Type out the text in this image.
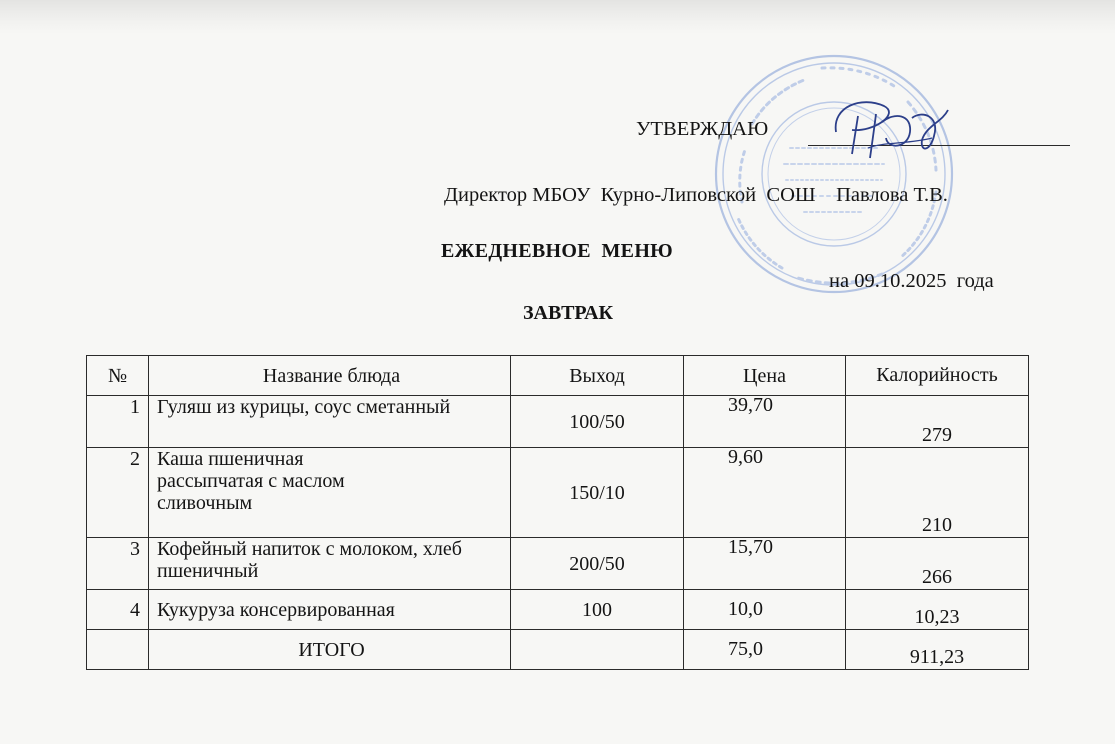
УТВЕРЖДАЮ
Директор МБОУ  Курно-Липовской  СОШ    Павлова Т.В.
ЕЖЕДНЕВНОЕ  МЕНЮ
на 09.10.2025  года
ЗАВТРАК
№	Название блюда	Выход	Цена	Калорийность
1	Гуляш из курицы, соус сметанный	100/50	39,70	279
2	Каша пшеничная рассыпчатая с маслом сливочным	150/10	9,60	210
3	Кофейный напиток с молоком, хлеб пшеничный	200/50	15,70	266
4	Кукуруза консервированная	100	10,0	10,23
	ИТОГО		75,0	911,23
